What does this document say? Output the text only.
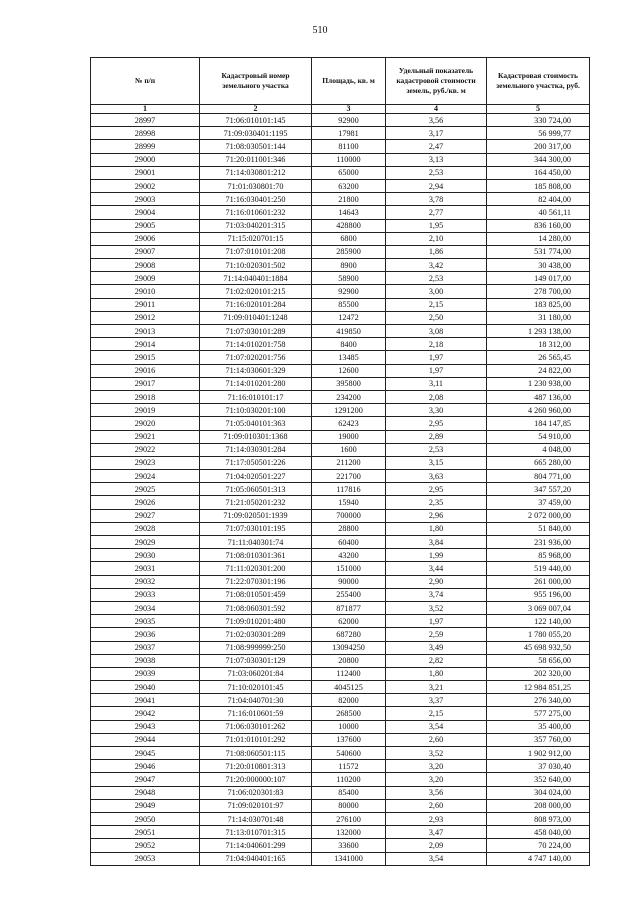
510
№ п/п	Кадастровый номер земельного участка	Площадь, кв. м	Удельный показатель кадастровой стоимости земель, руб./кв. м	Кадастровая стоимость земельного участка, руб.
1	2	3	4	5
28997	71:06:010101:145	92900	3,56	330 724,00
28998	71:09:030401:1195	17981	3,17	56 999,77
28999	71:08:030501:144	81100	2,47	200 317,00
29000	71:20:011001:346	110000	3,13	344 300,00
29001	71:14:030801:212	65000	2,53	164 450,00
29002	71:01:030801:70	63200	2,94	185 808,00
29003	71:16:030401:250	21800	3,78	82 404,00
29004	71:16:010601:232	14643	2,77	40 561,11
29005	71:03:040201:315	428800	1,95	836 160,00
29006	71:15:020701:15	6800	2,10	14 280,00
29007	71:07:010101:208	285900	1,86	531 774,00
29008	71:10:020301:502	8900	3,42	30 438,00
29009	71:14:040401:1884	58900	2,53	149 017,00
29010	71:02:020101:215	92900	3,00	278 700,00
29011	71:16:020101:284	85500	2,15	183 825,00
29012	71:09:010401:1248	12472	2,50	31 180,00
29013	71:07:030101:289	419850	3,08	1 293 138,00
29014	71:14:010201:758	8400	2,18	18 312,00
29015	71:07:020201:756	13485	1,97	26 565,45
29016	71:14:030601:329	12600	1,97	24 822,00
29017	71:14:010201:280	395800	3,11	1 230 938,00
29018	71:16:010101:17	234200	2,08	487 136,00
29019	71:10:030201:100	1291200	3,30	4 260 960,00
29020	71:05:040101:363	62423	2,95	184 147,85
29021	71:09:010301:1368	19000	2,89	54 910,00
29022	71:14:030301:284	1600	2,53	4 048,00
29023	71:17:050501:226	211200	3,15	665 280,00
29024	71:04:020501:227	221700	3,63	804 771,00
29025	71:05:060501:313	117816	2,95	347 557,20
29026	71:21:050201:232	15940	2,35	37 459,00
29027	71:09:020501:1939	700000	2,96	2 072 000,00
29028	71:07:030101:195	28800	1,80	51 840,00
29029	71:11:040301:74	60400	3,84	231 936,00
29030	71:08:010301:361	43200	1,99	85 968,00
29031	71:11:020301:200	151000	3,44	519 440,00
29032	71:22:070301:196	90000	2,90	261 000,00
29033	71:08:010501:459	255400	3,74	955 196,00
29034	71:08:060301:592	871877	3,52	3 069 007,04
29035	71:09:010201:480	62000	1,97	122 140,00
29036	71:02:030301:289	687280	2,59	1 780 055,20
29037	71:08:999999:250	13094250	3,49	45 698 932,50
29038	71:07:030301:129	20800	2,82	58 656,00
29039	71:03:060201:84	112400	1,80	202 320,00
29040	71:10:020101:45	4045125	3,21	12 984 851,25
29041	71:04:040701:30	82000	3,37	276 340,00
29042	71:16:010601:59	268500	2,15	577 275,00
29043	71:06:030101:262	10000	3,54	35 400,00
29044	71:01:010101:292	137600	2,60	357 760,00
29045	71:08:060501:115	540600	3,52	1 902 912,00
29046	71:20:010801:313	11572	3,20	37 030,40
29047	71:20:000000:107	110200	3,20	352 640,00
29048	71:06:020301:83	85400	3,56	304 024,00
29049	71:09:020101:97	80000	2,60	208 000,00
29050	71:14:030701:48	276100	2,93	808 973,00
29051	71:13:010701:315	132000	3,47	458 040,00
29052	71:14:040601:299	33600	2,09	70 224,00
29053	71:04:040401:165	1341000	3,54	4 747 140,00
